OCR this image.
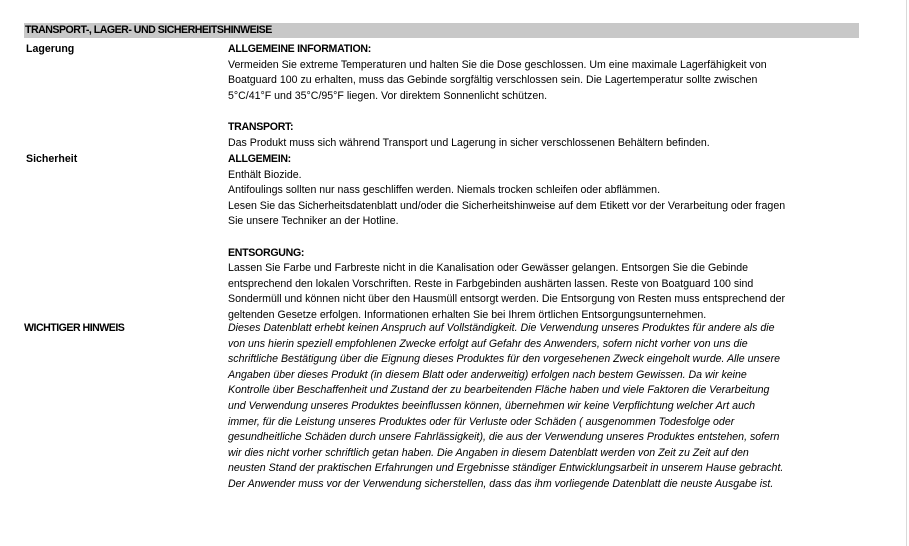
TRANSPORT-, LAGER- UND SICHERHEITSHINWEISE
Lagerung	ALLGEMEINE INFORMATION:
Vermeiden Sie extreme Temperaturen und halten Sie die Dose geschlossen. Um eine maximale Lagerfähigkeit von
Boatguard 100 zu erhalten, muss das Gebinde sorgfältig verschlossen sein. Die Lagertemperatur sollte zwischen
5°C/41°F und 35°C/95°F liegen. Vor direktem Sonnenlicht schützen.
TRANSPORT:
Das Produkt muss sich während Transport und Lagerung in sicher verschlossenen Behältern befinden.
Sicherheit	ALLGEMEIN:
Enthält Biozide.
Antifoulings sollten nur nass geschliffen werden. Niemals trocken schleifen oder abflämmen.
Lesen Sie das Sicherheitsdatenblatt und/oder die Sicherheitshinweise auf dem Etikett vor der Verarbeitung oder fragen
Sie unsere Techniker an der Hotline.
ENTSORGUNG:
Lassen Sie Farbe und Farbreste nicht in die Kanalisation oder Gewässer gelangen. Entsorgen Sie die Gebinde
entsprechend den lokalen Vorschriften. Reste in Farbgebinden aushärten lassen. Reste von Boatguard 100 sind
Sondermüll und können nicht über den Hausmüll entsorgt werden. Die Entsorgung von Resten muss entsprechend der
geltenden Gesetze erfolgen. Informationen erhalten Sie bei Ihrem örtlichen Entsorgungsunternehmen.
WICHTIGER HINWEIS	Dieses Datenblatt erhebt keinen Anspruch auf Vollständigkeit. Die Verwendung unseres Produktes für andere als die
von uns hierin speziell empfohlenen Zwecke erfolgt auf Gefahr des Anwenders, sofern nicht vorher von uns die
schriftliche Bestätigung über die Eignung dieses Produktes für den vorgesehenen Zweck eingeholt wurde. Alle unsere
Angaben über dieses Produkt (in diesem Blatt oder anderweitig) erfolgen nach bestem Gewissen. Da wir keine
Kontrolle über Beschaffenheit und Zustand der zu bearbeitenden Fläche haben und viele Faktoren die Verarbeitung
und Verwendung unseres Produktes beeinflussen können, übernehmen wir keine Verpflichtung welcher Art auch
immer, für die Leistung unseres Produktes oder für Verluste oder Schäden ( ausgenommen Todesfolge oder
gesundheitliche Schäden durch unsere Fahrlässigkeit), die aus der Verwendung unseres Produktes entstehen, sofern
wir dies nicht vorher schriftlich getan haben. Die Angaben in diesem Datenblatt werden von Zeit zu Zeit auf den
neusten Stand der praktischen Erfahrungen und Ergebnisse ständiger Entwicklungsarbeit in unserem Hause gebracht.
Der Anwender muss vor der Verwendung sicherstellen, dass das ihm vorliegende Datenblatt die neuste Ausgabe ist.
